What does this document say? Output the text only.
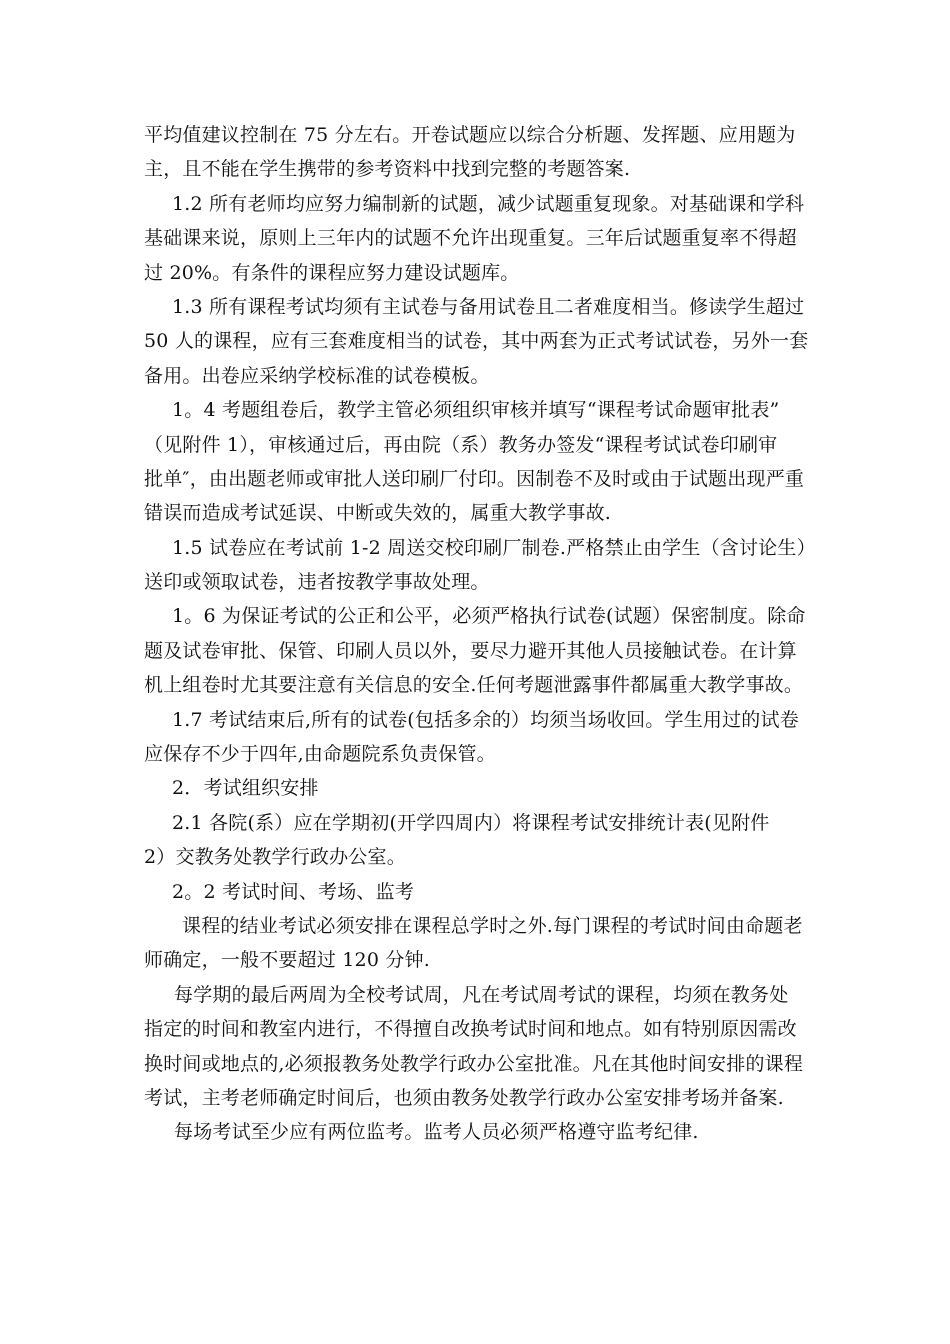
平均值建议控制在 75 分左右。开卷试题应以综合分析题、发挥题、应用题为
主，且不能在学生携带的参考资料中找到完整的考题答案.
1.2 所有老师均应努力编制新的试题，减少试题重复现象。对基础课和学科
基础课来说，原则上三年内的试题不允许出现重复。三年后试题重复率不得超
过 20%。有条件的课程应努力建设试题库。
1.3 所有课程考试均须有主试卷与备用试卷且二者难度相当。修读学生超过
50 人的课程，应有三套难度相当的试卷，其中两套为正式考试试卷，另外一套
备用。出卷应采纳学校标准的试卷模板。
1。4 考题组卷后，教学主管必须组织审核并填写“课程考试命题审批表”
（见附件 1），审核通过后，再由院（系）教务办签发“课程考试试卷印刷审
批单″，由出题老师或审批人送印刷厂付印。因制卷不及时或由于试题出现严重
错误而造成考试延误、中断或失效的，属重大教学事故.
1.5 试卷应在考试前 1-2 周送交校印刷厂制卷.严格禁止由学生（含讨论生）
送印或领取试卷，违者按教学事故处理。
1。6 为保证考试的公正和公平，必须严格执行试卷(试题）保密制度。除命
题及试卷审批、保管、印刷人员以外，要尽力避开其他人员接触试卷。在计算
机上组卷时尤其要注意有关信息的安全.任何考题泄露事件都属重大教学事故。
1.7 考试结束后,所有的试卷(包括多余的）均须当场收回。学生用过的试卷
应保存不少于四年,由命题院系负责保管。
2．考试组织安排
2.1 各院(系）应在学期初(开学四周内）将课程考试安排统计表(见附件
2）交教务处教学行政办公室。
2。2 考试时间、考场、监考
课程的结业考试必须安排在课程总学时之外.每门课程的考试时间由命题老
师确定，一般不要超过 120 分钟.
每学期的最后两周为全校考试周，凡在考试周考试的课程，均须在教务处
指定的时间和教室内进行，不得擅自改换考试时间和地点。如有特别原因需改
换时间或地点的,必须报教务处教学行政办公室批准。凡在其他时间安排的课程
考试，主考老师确定时间后，也须由教务处教学行政办公室安排考场并备案.
每场考试至少应有两位监考。监考人员必须严格遵守监考纪律.
